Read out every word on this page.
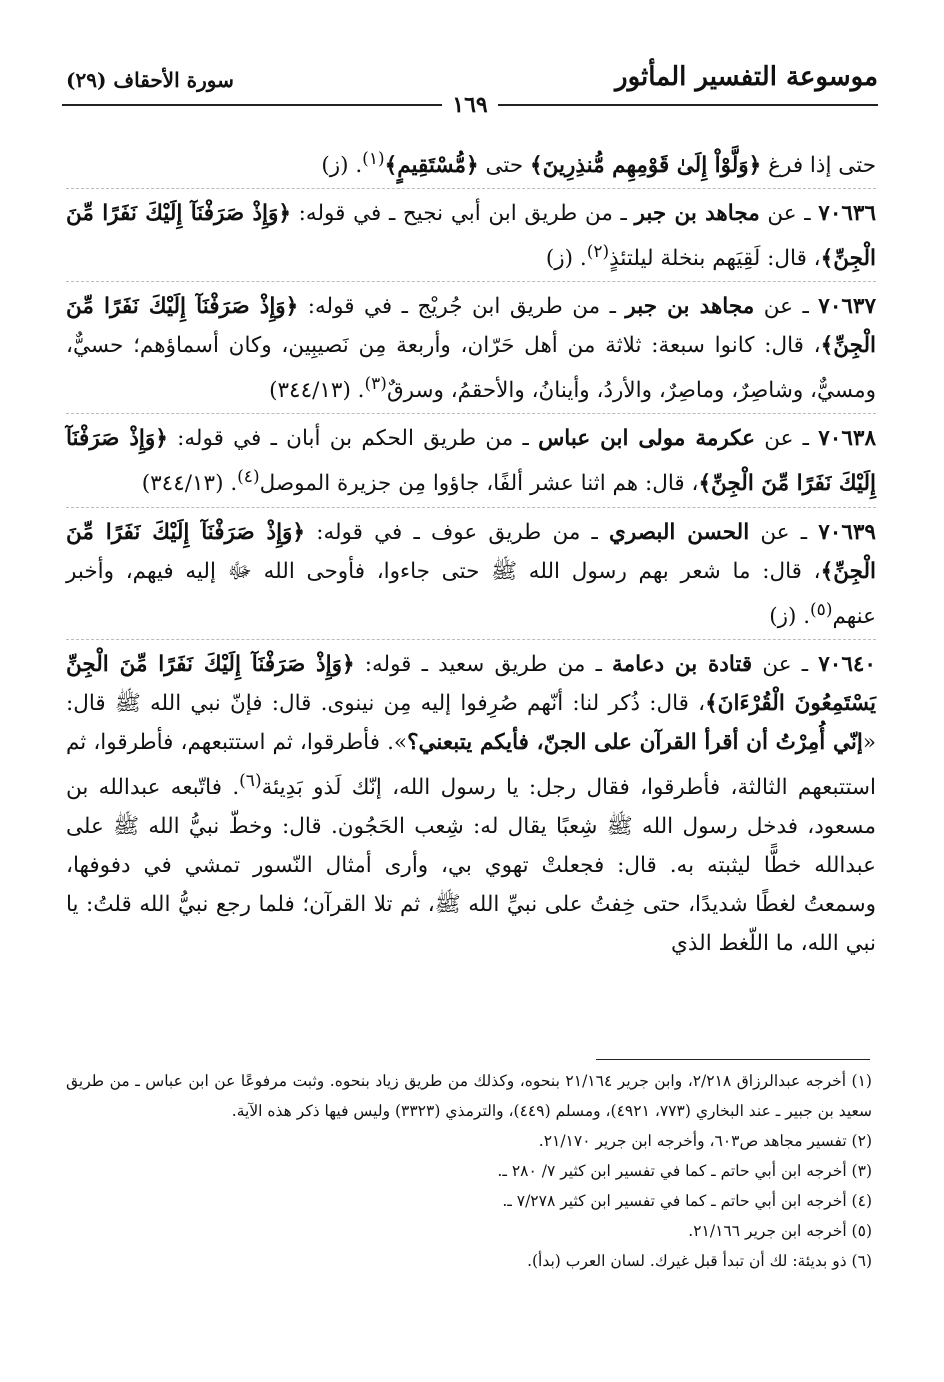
سورة الأحقاف (٢٩)	موسوعة التفسير المأثور
١٦٩

حتى إذا فرغ ﴿وَلَّوْاْ إِلَىٰ قَوْمِهِم مُّنذِرِينَ﴾ حتى ﴿مُّسْتَقِيمٍ﴾$^{(١)}$. (ز)

٧٠٦٣٦ ـ عن مجاهد بن جبر ـ من طريق ابن أبي نجيح ـ في قوله: ﴿وَإِذْ صَرَفْنَآ إِلَيْكَ نَفَرًا مِّنَ الْجِنِّ﴾، قال: لَقِيَهم بنخلة ليلتئذٍ$^{(٢)}$. (ز)

٧٠٦٣٧ ـ عن مجاهد بن جبر ـ من طريق ابن جُريْج ـ في قوله: ﴿وَإِذْ صَرَفْنَآ إِلَيْكَ نَفَرًا مِّنَ الْجِنِّ﴾، قال: كانوا سبعة: ثلاثة من أهل حَرّان، وأربعة مِن نَصيبِين، وكان أسماؤهم؛ حسيٌّ، ومسيٌّ، وشاصِرٌ، وماصِرٌ، والأردُ، وأينانُ، والأحقمُ، وسرقٌ$^{(٣)}$. (٣٤٤/١٣)

٧٠٦٣٨ ـ عن عكرمة مولى ابن عباس ـ من طريق الحكم بن أبان ـ في قوله: ﴿وَإِذْ صَرَفْنَآ إِلَيْكَ نَفَرًا مِّنَ الْجِنِّ﴾، قال: هم اثنا عشر ألفًا، جاؤوا مِن جزيرة الموصل$^{(٤)}$. (٣٤٤/١٣)

٧٠٦٣٩ ـ عن الحسن البصري ـ من طريق عوف ـ في قوله: ﴿وَإِذْ صَرَفْنَآ إِلَيْكَ نَفَرًا مِّنَ الْجِنِّ﴾، قال: ما شعر بهم رسول الله ﷺ حتى جاءوا، فأوحى الله ﷻ إليه فيهم، وأخبر عنهم$^{(٥)}$. (ز)

٧٠٦٤٠ ـ عن قتادة بن دعامة ـ من طريق سعيد ـ قوله: ﴿وَإِذْ صَرَفْنَآ إِلَيْكَ نَفَرًا مِّنَ الْجِنِّ يَسْتَمِعُونَ الْقُرْءَانَ﴾، قال: ذُكر لنا: أنّهم صُرِفوا إليه مِن نينوى. قال: فإنّ نبي الله ﷺ قال: «إنّي أُمِرْتُ أن أقرأ القرآن على الجنّ، فأيكم يتبعني؟». فأطرقوا، ثم استتبعهم، فأطرقوا، ثم استتبعهم الثالثة، فأطرقوا، فقال رجل: يا رسول الله، إنّك لَذو بَدِيئة$^{(٦)}$. فاتّبعه عبدالله بن مسعود، فدخل رسول الله ﷺ شِعبًا يقال له: شِعب الحَجُون. قال: وخطّ نبيُّ الله ﷺ على عبدالله خطًّا ليثبته به. قال: فجعلتْ تهوي بي، وأرى أمثال النّسور تمشي في دفوفها، وسمعتُ لغطًا شديدًا، حتى خِفتُ على نبيِّ الله ﷺ، ثم تلا القرآن؛ فلما رجع نبيُّ الله قلتُ: يا نبي الله، ما اللّغط الذي

(١) أخرجه عبدالرزاق ٢/٢١٨، وابن جرير ٢١/١٦٤ بنحوه، وكذلك من طريق زياد بنحوه. وثبت مرفوعًا عن ابن عباس ـ من طريق سعيد بن جبير ـ عند البخاري (٧٧٣، ٤٩٢١)، ومسلم (٤٤٩)، والترمذي (٣٣٢٣) وليس فيها ذكر هذه الآية.

(٢) تفسير مجاهد ص٦٠٣، وأخرجه ابن جرير ٢١/١٧٠.

(٣) أخرجه ابن أبي حاتم ـ كما في تفسير ابن كثير ٧/ ٢٨٠ ـ.

(٤) أخرجه ابن أبي حاتم ـ كما في تفسير ابن كثير ٧/٢٧٨ ـ.

(٥) أخرجه ابن جرير ٢١/١٦٦.

(٦) ذو بديئة: لك أن تبدأ قبل غيرك. لسان العرب (بدأ).
